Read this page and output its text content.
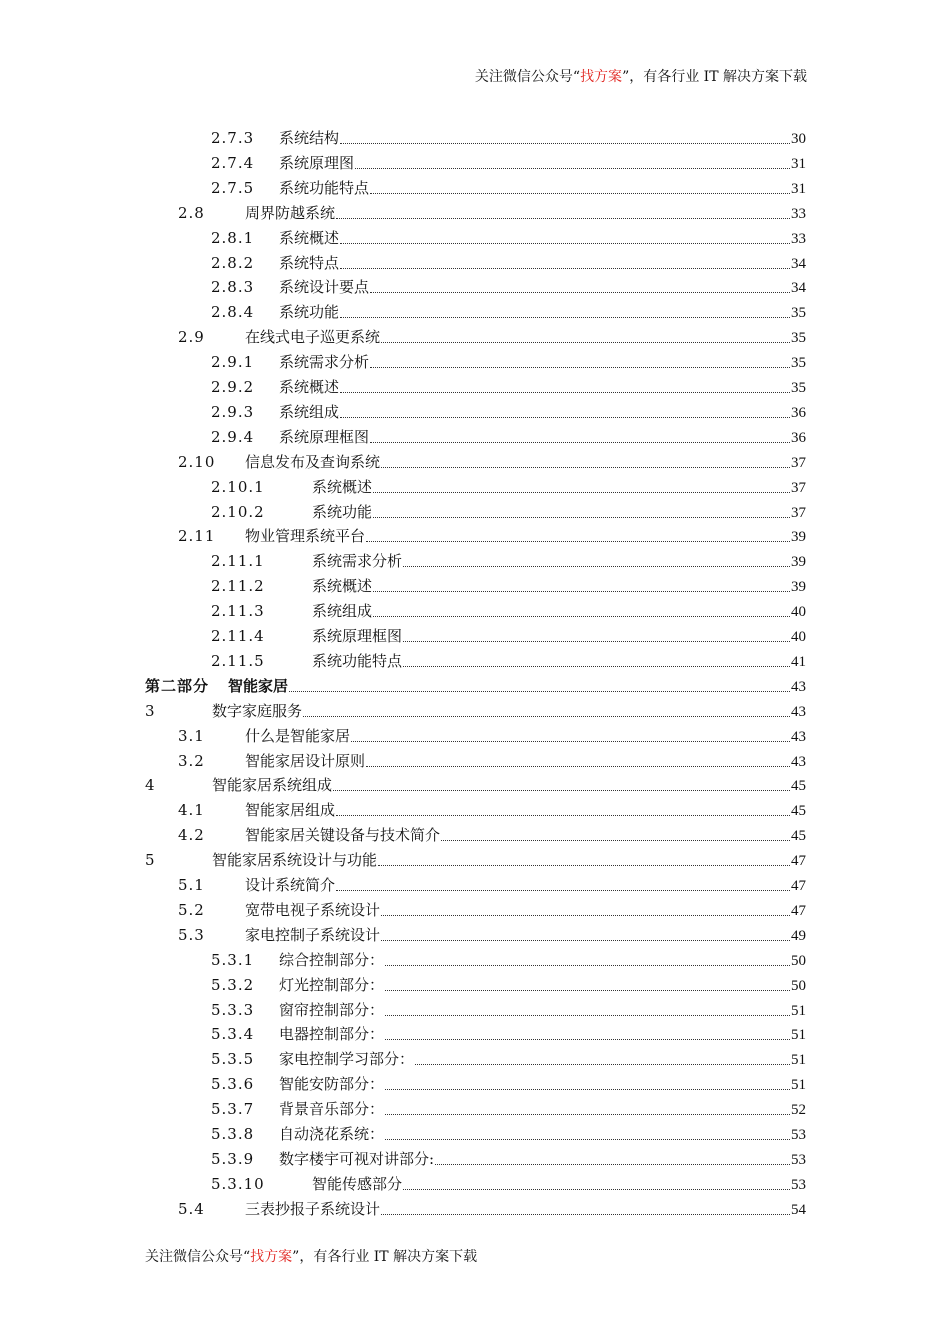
关注微信公众号“找方案”，有各行业 IT 解决方案下载
2.7.3 系统结构	30
2.7.4 系统原理图	31
2.7.5 系统功能特点	31
2.8	周界防越系统	33
2.8.1 系统概述	33
2.8.2 系统特点	34
2.8.3 系统设计要点	34
2.8.4 系统功能	35
2.9	在线式电子巡更系统	35
2.9.1 系统需求分析	35
2.9.2 系统概述	35
2.9.3 系统组成	36
2.9.4 系统原理框图	36
2.10 信息发布及查询系统	37
2.10.1	系统概述	37
2.10.2	系统功能	37
2.11 物业管理系统平台	39
2.11.1	系统需求分析	39
2.11.2	系统概述	39
2.11.3	系统组成	40
2.11.4	系统原理框图	40
2.11.5	系统功能特点	41
第二部分 智能家居	43
3	数字家庭服务	43
3.1	什么是智能家居	43
3.2	智能家居设计原则	43
4	智能家居系统组成	45
4.1	智能家居组成	45
4.2	智能家居关键设备与技术简介	45
5	智能家居系统设计与功能	47
5.1	设计系统简介	47
5.2	宽带电视子系统设计	47
5.3	家电控制子系统设计	49
5.3.1 综合控制部分：	50
5.3.2 灯光控制部分：	50
5.3.3 窗帘控制部分：	51
5.3.4 电器控制部分：	51
5.3.5 家电控制学习部分：	51
5.3.6 智能安防部分：	51
5.3.7 背景音乐部分：	52
5.3.8 自动浇花系统：	53
5.3.9 数字楼宇可视对讲部分:	53
5.3.10	智能传感部分	53
5.4	三表抄报子系统设计	54
关注微信公众号“找方案”，有各行业 IT 解决方案下载
